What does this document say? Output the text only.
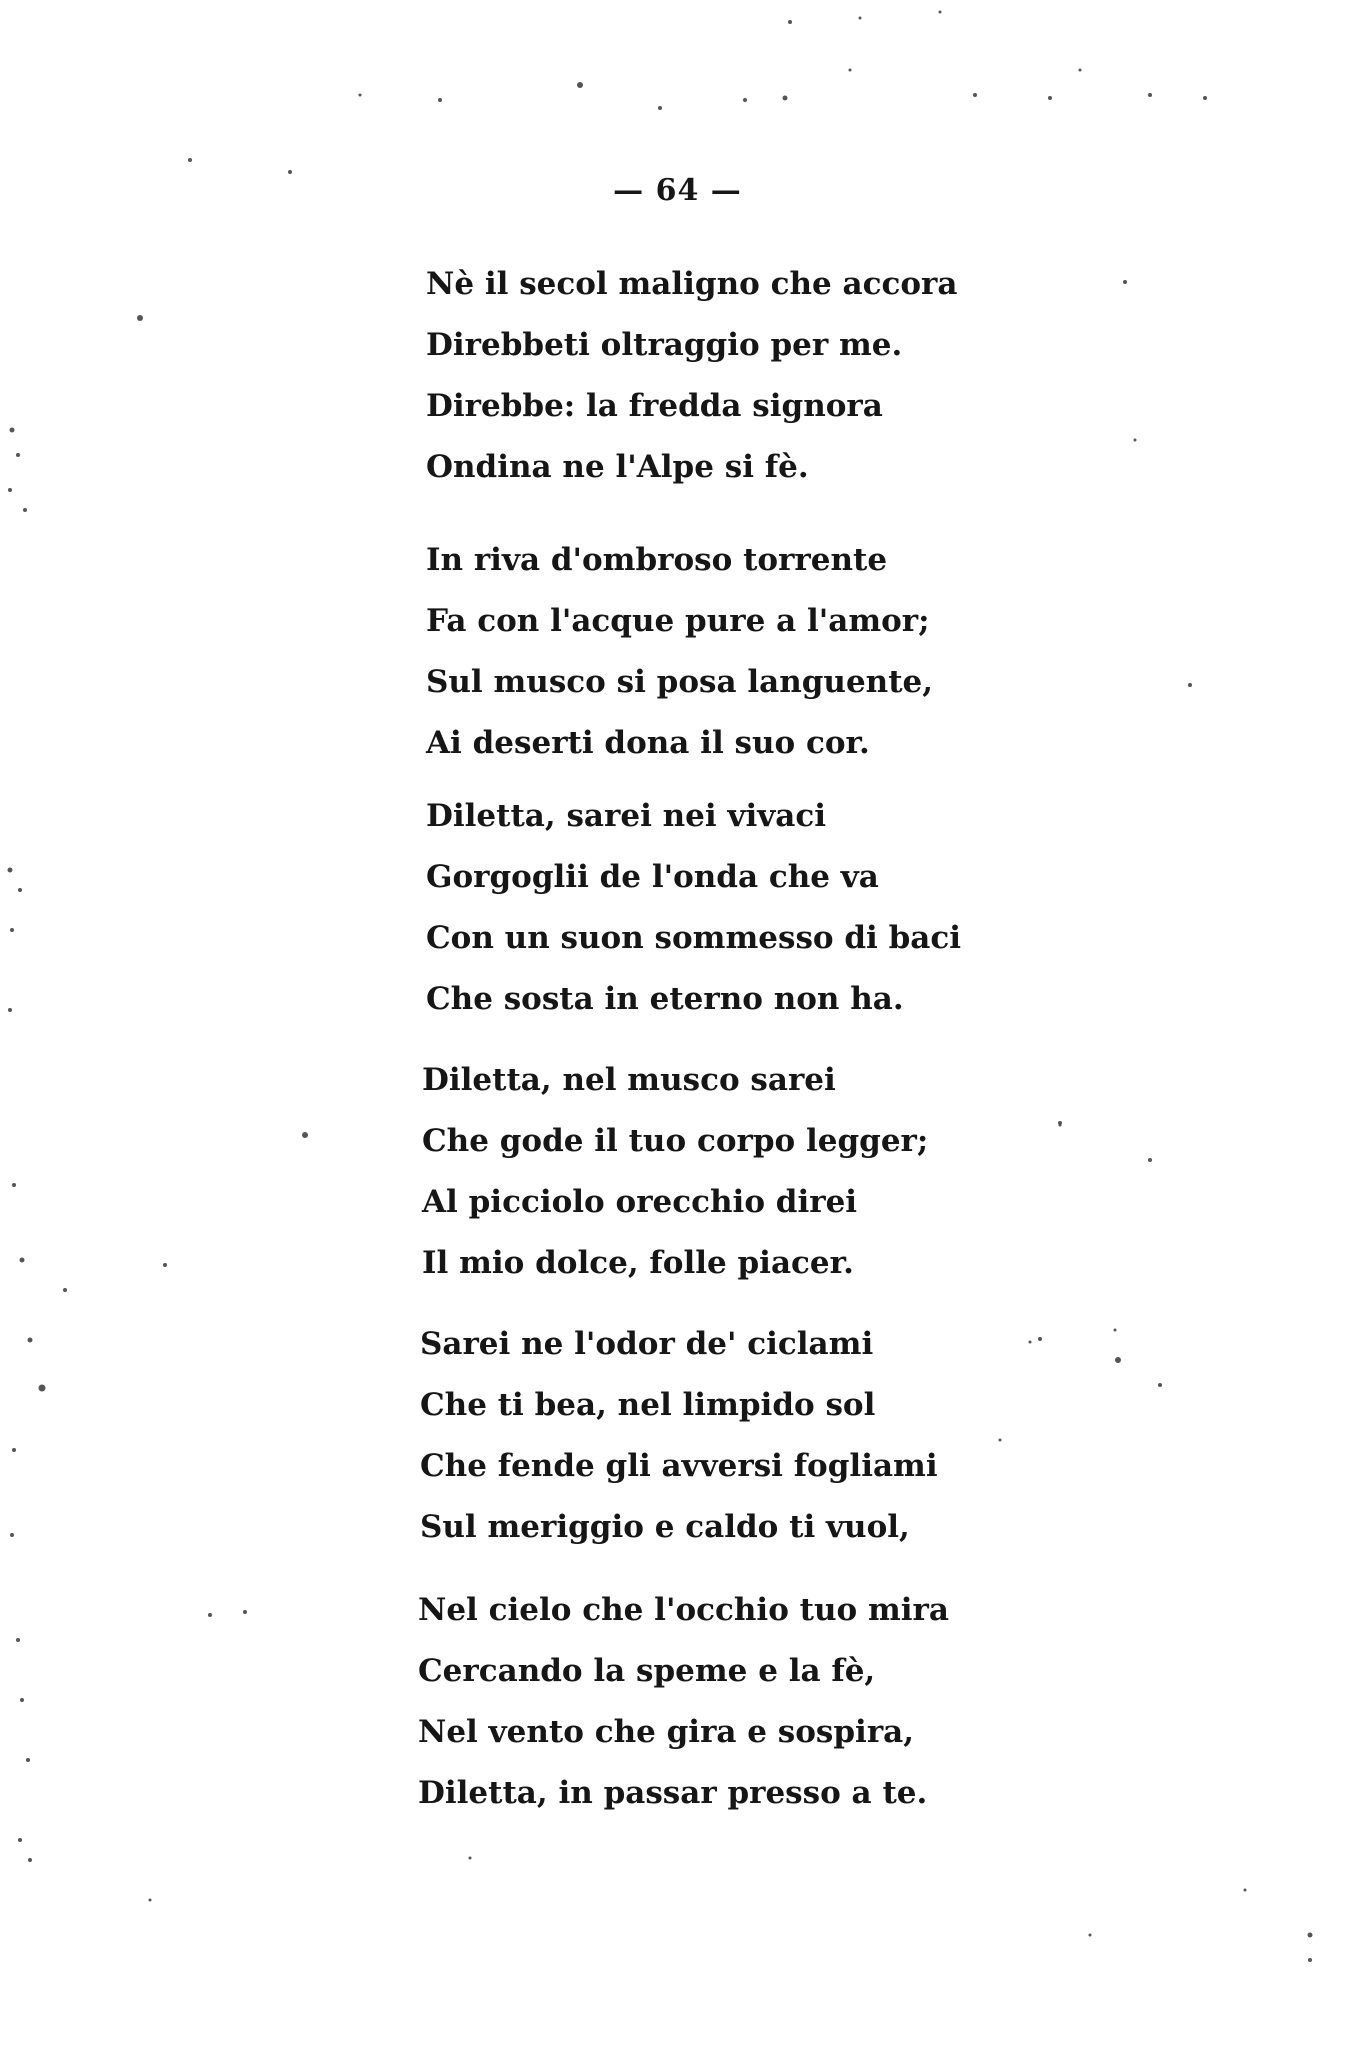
— 64 —
Nè il secol maligno che accora
Direbbeti oltraggio per me.
Direbbe: la fredda signora
Ondina ne l'Alpe si fè.
In riva d'ombroso torrente
Fa con l'acque pure a l'amor;
Sul musco si posa languente,
Ai deserti dona il suo cor.
Diletta, sarei nei vivaci
Gorgoglii de l'onda che va
Con un suon sommesso di baci
Che sosta in eterno non ha.
Diletta, nel musco sarei
Che gode il tuo corpo legger;
Al picciolo orecchio direi
Il mio dolce, folle piacer.
Sarei ne l'odor de' ciclami
Che ti bea, nel limpido sol
Che fende gli avversi fogliami
Sul meriggio e caldo ti vuol,
Nel cielo che l'occhio tuo mira
Cercando la speme e la fè,
Nel vento che gira e sospira,
Diletta, in passar presso a te.
